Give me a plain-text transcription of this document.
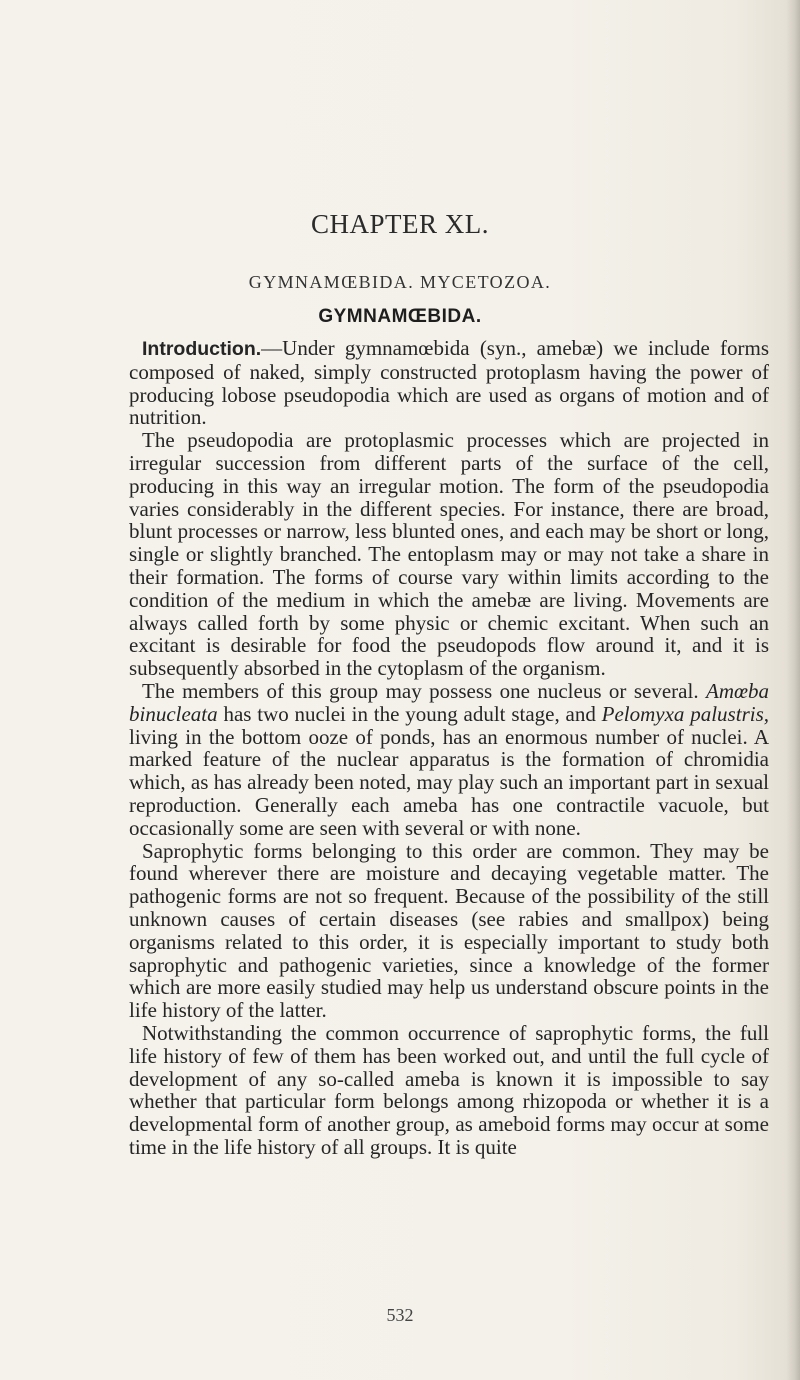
CHAPTER XL.
GYMNAMŒBIDA. MYCETOZOA.
GYMNAMŒBIDA.

Introduction.—Under gymnamœbida (syn., amebæ) we include forms composed of naked, simply constructed protoplasm having the power of producing lobose pseudopodia which are used as organs of motion and of nutrition.

The pseudopodia are protoplasmic processes which are projected in irregular succession from different parts of the surface of the cell, producing in this way an irregular motion. The form of the pseudopodia varies considerably in the different species. For instance, there are broad, blunt processes or narrow, less blunted ones, and each may be short or long, single or slightly branched. The entoplasm may or may not take a share in their formation. The forms of course vary within limits according to the condition of the medium in which the amebæ are living. Movements are always called forth by some physic or chemic excitant. When such an excitant is desirable for food the pseudopods flow around it, and it is subsequently absorbed in the cytoplasm of the organism.

The members of this group may possess one nucleus or several. Amœba binucleata has two nuclei in the young adult stage, and Pelomyxa palustris, living in the bottom ooze of ponds, has an enormous number of nuclei. A marked feature of the nuclear apparatus is the formation of chromidia which, as has already been noted, may play such an important part in sexual reproduction. Generally each ameba has one contractile vacuole, but occasionally some are seen with several or with none.

Saprophytic forms belonging to this order are common. They may be found wherever there are moisture and decaying vegetable matter. The pathogenic forms are not so frequent. Because of the possibility of the still unknown causes of certain diseases (see rabies and smallpox) being organisms related to this order, it is especially important to study both saprophytic and pathogenic varieties, since a knowledge of the former which are more easily studied may help us understand obscure points in the life history of the latter.

Notwithstanding the common occurrence of saprophytic forms, the full life history of few of them has been worked out, and until the full cycle of development of any so-called ameba is known it is impossible to say whether that particular form belongs among rhizopoda or whether it is a developmental form of another group, as ameboid forms may occur at some time in the life history of all groups. It is quite

532
